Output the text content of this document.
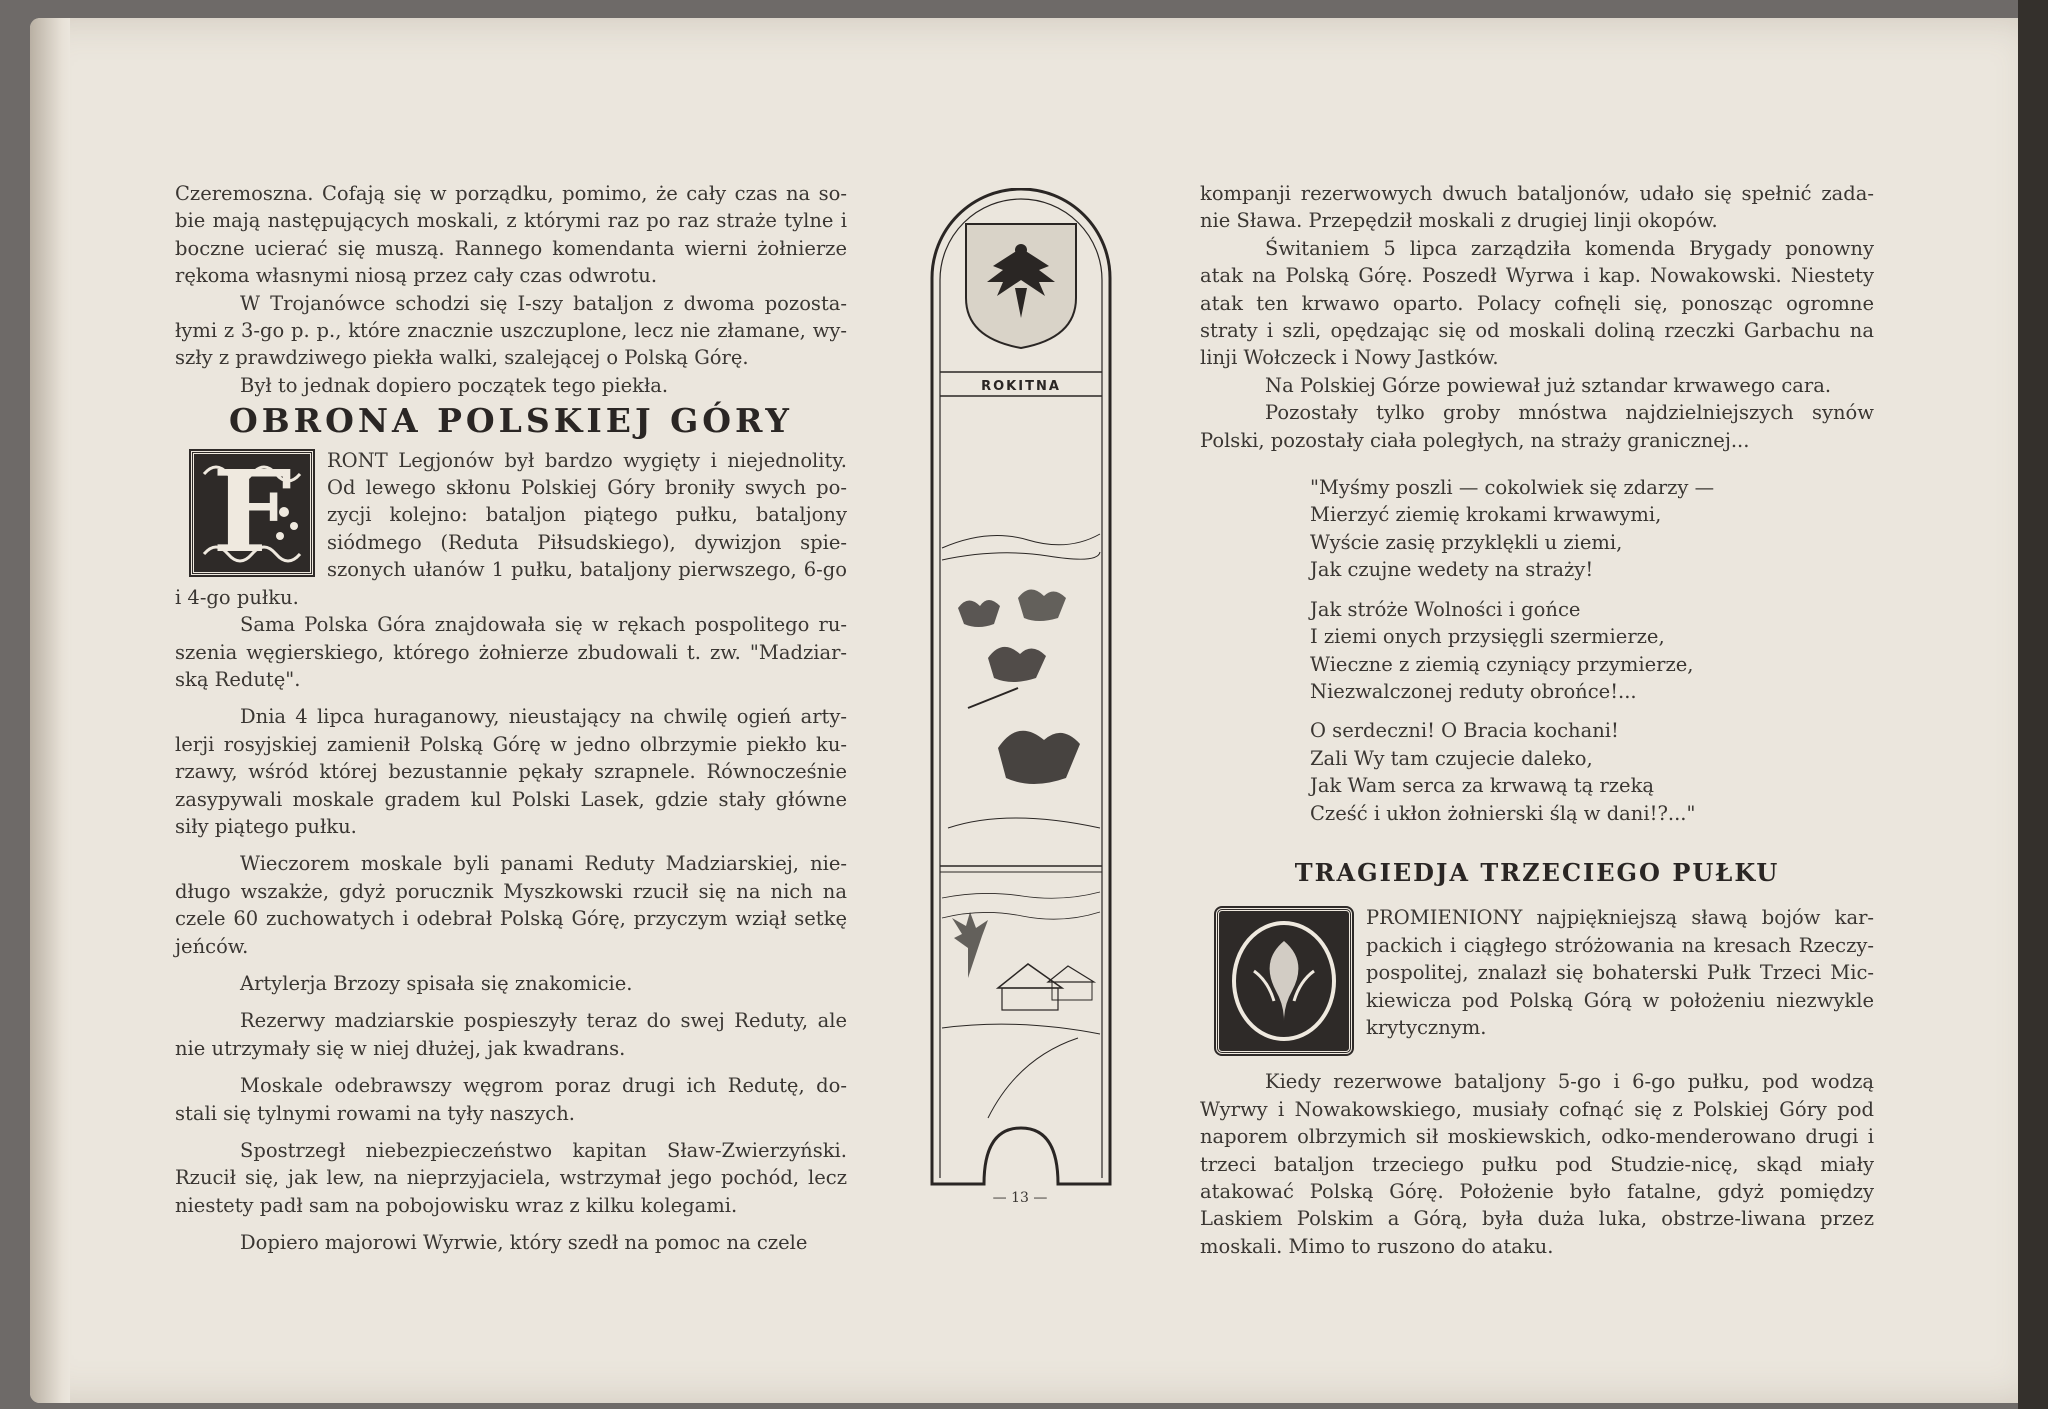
Czeremoszna. Cofają się w porządku, pomimo, że cały czas na so-bie mają następujących moskali, z którymi raz po raz straże tylne i boczne ucierać się muszą. Rannego komendanta wierni żołnierze rękoma własnymi niosą przez cały czas odwrotu.

W Trojanówce schodzi się I-szy bataljon z dwoma pozosta-łymi z 3-go p. p., które znacznie uszczuplone, lecz nie złamane, wy-szły z prawdziwego piekła walki, szalejącej o Polską Górę.

Był to jednak dopiero początek tego piekła.

OBRONA POLSKIEJ GÓRY
F	RONT Legjonów był bardzo wygięty i niejednolity. Od lewego skłonu Polskiej Góry broniły swych po-zycji kolejno: bataljon piątego pułku, bataljony siódmego (Reduta Piłsudskiego), dywizjon spie-szonych ułanów 1 pułku, bataljony pierwszego, 6-go i 4-go pułku.

Sama Polska Góra znajdowała się w rękach pospolitego ru-szenia węgierskiego, którego żołnierze zbudowali t. zw. "Madziar-ską Redutę".

Dnia 4 lipca huraganowy, nieustający na chwilę ogień arty-lerji rosyjskiej zamienił Polską Górę w jedno olbrzymie piekło ku-rzawy, wśród której bezustannie pękały szrapnele. Równocześnie zasypywali moskale gradem kul Polski Lasek, gdzie stały główne siły piątego pułku.

Wieczorem moskale byli panami Reduty Madziarskiej, nie-długo wszakże, gdyż porucznik Myszkowski rzucił się na nich na czele 60 zuchowatych i odebrał Polską Górę, przyczym wziął setkę jeńców.

Artylerja Brzozy spisała się znakomicie.

Rezerwy madziarskie pospieszyły teraz do swej Reduty, ale nie utrzymały się w niej dłużej, jak kwadrans.

Moskale odebrawszy węgrom poraz drugi ich Redutę, do-stali się tylnymi rowami na tyły naszych.

Spostrzegł niebezpieczeństwo kapitan Sław-Zwierzyński. Rzucił się, jak lew, na nieprzyjaciela, wstrzymał jego pochód, lecz niestety padł sam na pobojowisku wraz z kilku kolegami.

Dopiero majorowi Wyrwie, który szedł na pomoc na czele

ROKITNA
— 13 —

kompanji rezerwowych dwuch bataljonów, udało się spełnić zada-nie Sława. Przepędził moskali z drugiej linji okopów.

Świtaniem 5 lipca zarządziła komenda Brygady ponowny atak na Polską Górę. Poszedł Wyrwa i kap. Nowakowski. Niestety atak ten krwawo oparto. Polacy cofnęli się, ponosząc ogromne straty i szli, opędzając się od moskali doliną rzeczki Garbachu na linji Wołczeck i Nowy Jastków.

Na Polskiej Górze powiewał już sztandar krwawego cara.

Pozostały tylko groby mnóstwa najdzielniejszych synów Polski, pozostały ciała poległych, na straży granicznej...

"Myśmy poszli — cokolwiek się zdarzy —

Mierzyć ziemię krokami krwawymi,

Wyście zasię przyklękli u ziemi,

Jak czujne wedety na straży!

Jak stróże Wolności i gońce

I ziemi onych przysięgli szermierze,

Wieczne z ziemią czyniący przymierze,

Niezwalczonej reduty obrońce!...

O serdeczni! O Bracia kochani!

Zali Wy tam czujecie daleko,

Jak Wam serca za krwawą tą rzeką

Cześć i ukłon żołnierski ślą w dani!?..."

TRAGIEDJA TRZECIEGO PUŁKU

PROMIENIONY najpiękniejszą sławą bojów kar-packich i ciągłego stróżowania na kresach Rzeczy-pospolitej, znalazł się bohaterski Pułk Trzeci Mic-kiewicza pod Polską Górą w położeniu niezwykle krytycznym.

Kiedy rezerwowe bataljony 5-go i 6-go pułku, pod wodzą Wyrwy i Nowakowskiego, musiały cofnąć się z Polskiej Góry pod naporem olbrzymich sił moskiewskich, odko-menderowano drugi i trzeci bataljon trzeciego pułku pod Studzie-nicę, skąd miały atakować Polską Górę. Położenie było fatalne, gdyż pomiędzy Laskiem Polskim a Górą, była duża luka, obstrze-liwana przez moskali. Mimo to ruszono do ataku.
